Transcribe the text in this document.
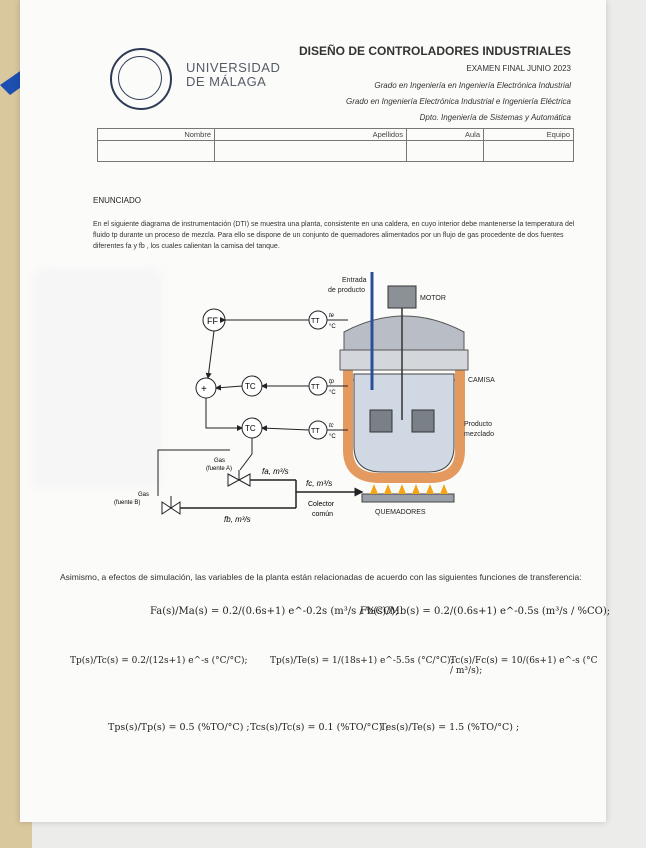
UNIVERSIDAD
DE MÁLAGA
DISEÑO DE CONTROLADORES INDUSTRIALES
EXAMEN FINAL JUNIO 2023
Grado en Ingeniería en Ingeniería Electrónica Industrial
Grado en Ingeniería Electrónica Industrial e Ingeniería Eléctrica
Dpto. Ingeniería de Sistemas y Automática
Nombre	Apellidos	Aula	Equipo

ENUNCIADO
En el siguiente diagrama de instrumentación (DTI) se muestra una planta, consistente en una caldera, en cuyo interior debe mantenerse la temperatura del fluido tp durante un proceso de mezcla. Para ello se dispone de un conjunto de quemadores alimentados por un flujo de gas procedente de dos fuentes diferentes fa y fb , los cuales calientan la camisa del tanque.
Entrada
de producto
MOTOR
CAMISA
Producto
mezclado
QUEMADORES
TT
te
°C
TT
tp
°C
TT
tc
°C
FF
+	TC
TC
Gas
(fuente A)
Gas
(fuente B)
fa, m³/s
fc, m³/s
fb, m³/s
Colector
común
Asimismo, a efectos de simulación, las variables de la planta están relacionadas de acuerdo con las siguientes funciones de transferencia:
Fa(s)/Ma(s) = 0.2/(0.6s+1) e^-0.2s (m³/s / %CO);
Fb(s)/Mb(s) = 0.2/(0.6s+1) e^-0.5s (m³/s / %CO);
Tp(s)/Tc(s) = 0.2/(12s+1) e^-s (°C/°C);	Tp(s)/Te(s) = 1/(18s+1) e^-5.5s (°C/°C);
Tc(s)/Fc(s) = 10/(6s+1) e^-s (°C / m³/s);
Tps(s)/Tp(s) = 0.5 (%TO/°C) ; Tcs(s)/Tc(s) = 0.1 (%TO/°C) ;
Tes(s)/Te(s) = 1.5 (%TO/°C) ;
